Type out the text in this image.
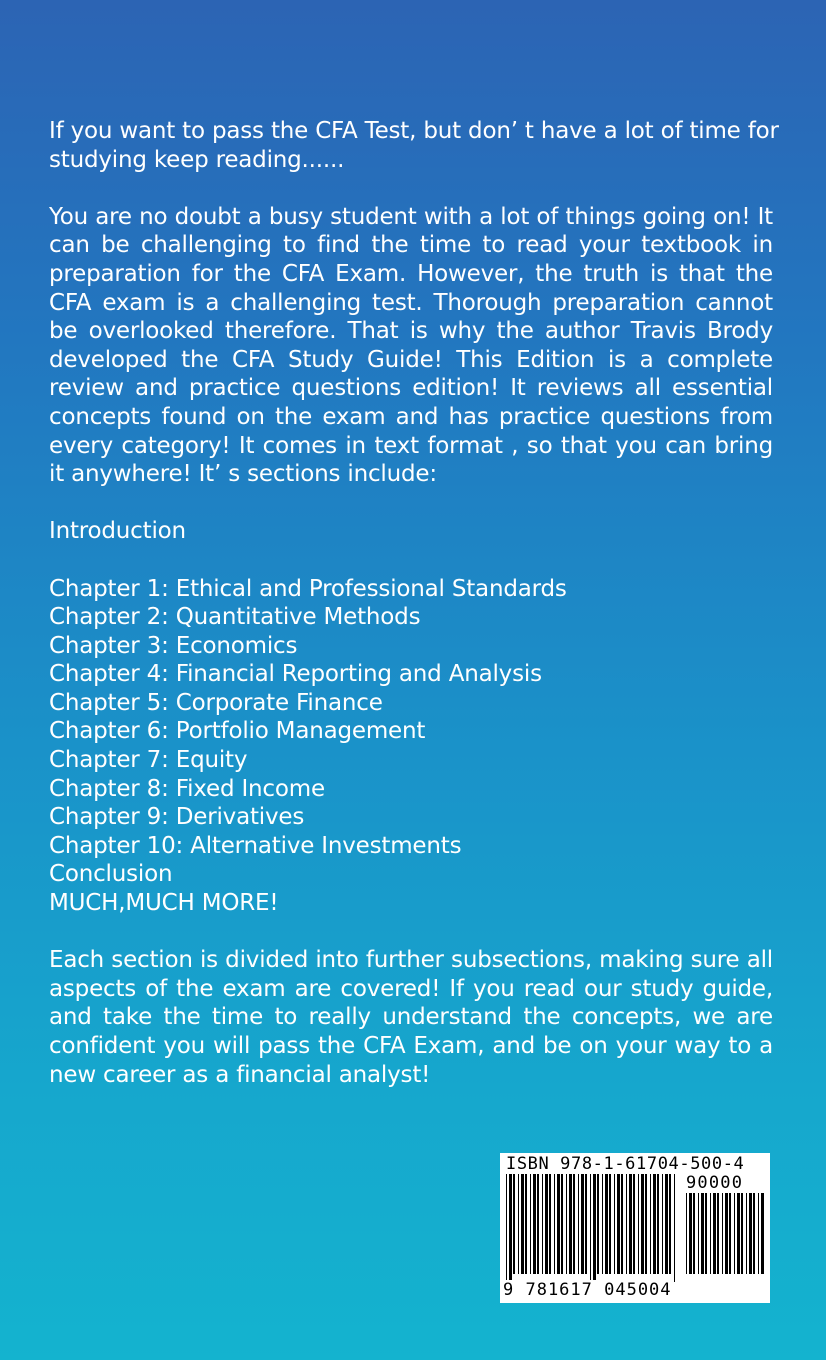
If you want to pass the CFA Test, but don’ t have a lot of time for

studying keep reading......

You are no doubt a busy student with a lot of things going on! It can be challenging to find the time to read your textbook in preparation for the CFA Exam. However, the truth is that the CFA exam is a challenging test. Thorough preparation cannot be overlooked therefore. That is why the author Travis Brody developed the CFA Study Guide! This Edition is a complete review and practice questions edition! It reviews all essential concepts found on the exam and has practice questions from every category! It comes in text format , so that you can bring it anywhere! It’ s sections include:

Introduction

Chapter 1: Ethical and Professional Standards

Chapter 2: Quantitative Methods

Chapter 3: Economics

Chapter 4: Financial Reporting and Analysis

Chapter 5: Corporate Finance

Chapter 6: Portfolio Management

Chapter 7: Equity

Chapter 8: Fixed Income

Chapter 9: Derivatives

Chapter 10: Alternative Investments

Conclusion

MUCH,MUCH MORE!

Each section is divided into further subsections, making sure all aspects of the exam are covered! If you read our study guide, and take the time to really understand the concepts, we are confident you will pass the CFA Exam, and be on your way to a new career as a financial analyst!

ISBN 978-1-61704-500-4
90000
9 781617 045004
